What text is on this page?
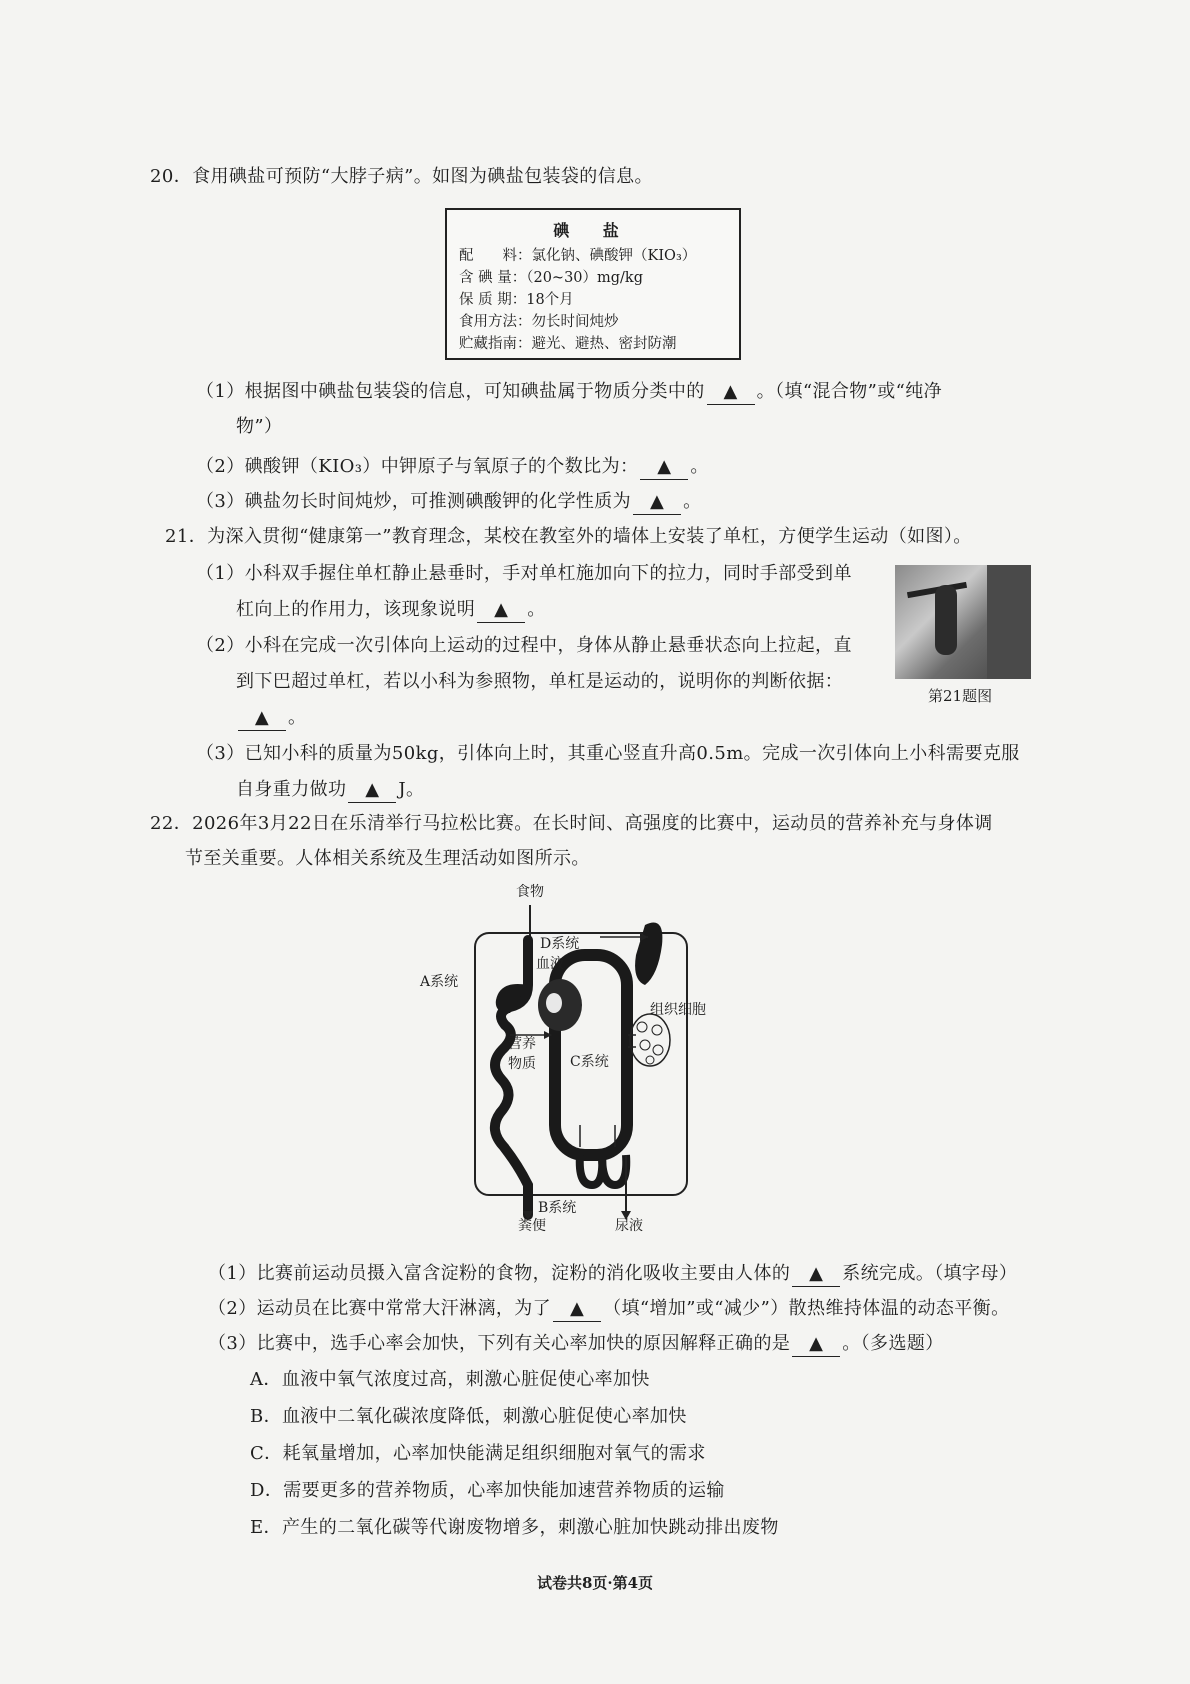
20．食用碘盐可预防“大脖子病”。如图为碘盐包装袋的信息。
碘 盐
配　　料：氯化钠、碘酸钾（KIO₃）
含 碘 量：（20~30）mg/kg
保 质 期：18个月
食用方法：勿长时间炖炒
贮藏指南：避光、避热、密封防潮
（1）根据图中碘盐包装袋的信息，可知碘盐属于物质分类中的 ▲ 。（填“混合物”或“纯净
物”）
（2）碘酸钾（KIO₃）中钾原子与氧原子的个数比为： ▲ 。
（3）碘盐勿长时间炖炒，可推测碘酸钾的化学性质为 ▲ 。
21．为深入贯彻“健康第一”教育理念，某校在教室外的墙体上安装了单杠，方便学生运动（如图）。
（1）小科双手握住单杠静止悬垂时，手对单杠施加向下的拉力，同时手部受到单
杠向上的作用力，该现象说明 ▲ 。
（2）小科在完成一次引体向上运动的过程中，身体从静止悬垂状态向上拉起，直
到下巴超过单杠，若以小科为参照物，单杠是运动的，说明你的判断依据：
▲ 。
第21题图
（3）已知小科的质量为50kg，引体向上时，其重心竖直升高0.5m。完成一次引体向上小科需要克服
自身重力做功 ▲ J。
22．2026年3月22日在乐清举行马拉松比赛。在长时间、高强度的比赛中，运动员的营养补充与身体调
节至关重要。人体相关系统及生理活动如图所示。
食物
D系统
血液
A系统
组织细胞
营养
物质 C系统
B系统
粪便	尿液
（1）比赛前运动员摄入富含淀粉的食物，淀粉的消化吸收主要由人体的 ▲ 系统完成。（填字母）
（2）运动员在比赛中常常大汗淋漓，为了 ▲ （填“增加”或“减少”）散热维持体温的动态平衡。
（3）比赛中，选手心率会加快，下列有关心率加快的原因解释正确的是 ▲ 。（多选题）
A．血液中氧气浓度过高，刺激心脏促使心率加快
B．血液中二氧化碳浓度降低，刺激心脏促使心率加快
C．耗氧量增加，心率加快能满足组织细胞对氧气的需求
D．需要更多的营养物质，心率加快能加速营养物质的运输
E．产生的二氧化碳等代谢废物增多，刺激心脏加快跳动排出废物
试卷共8页·第4页
